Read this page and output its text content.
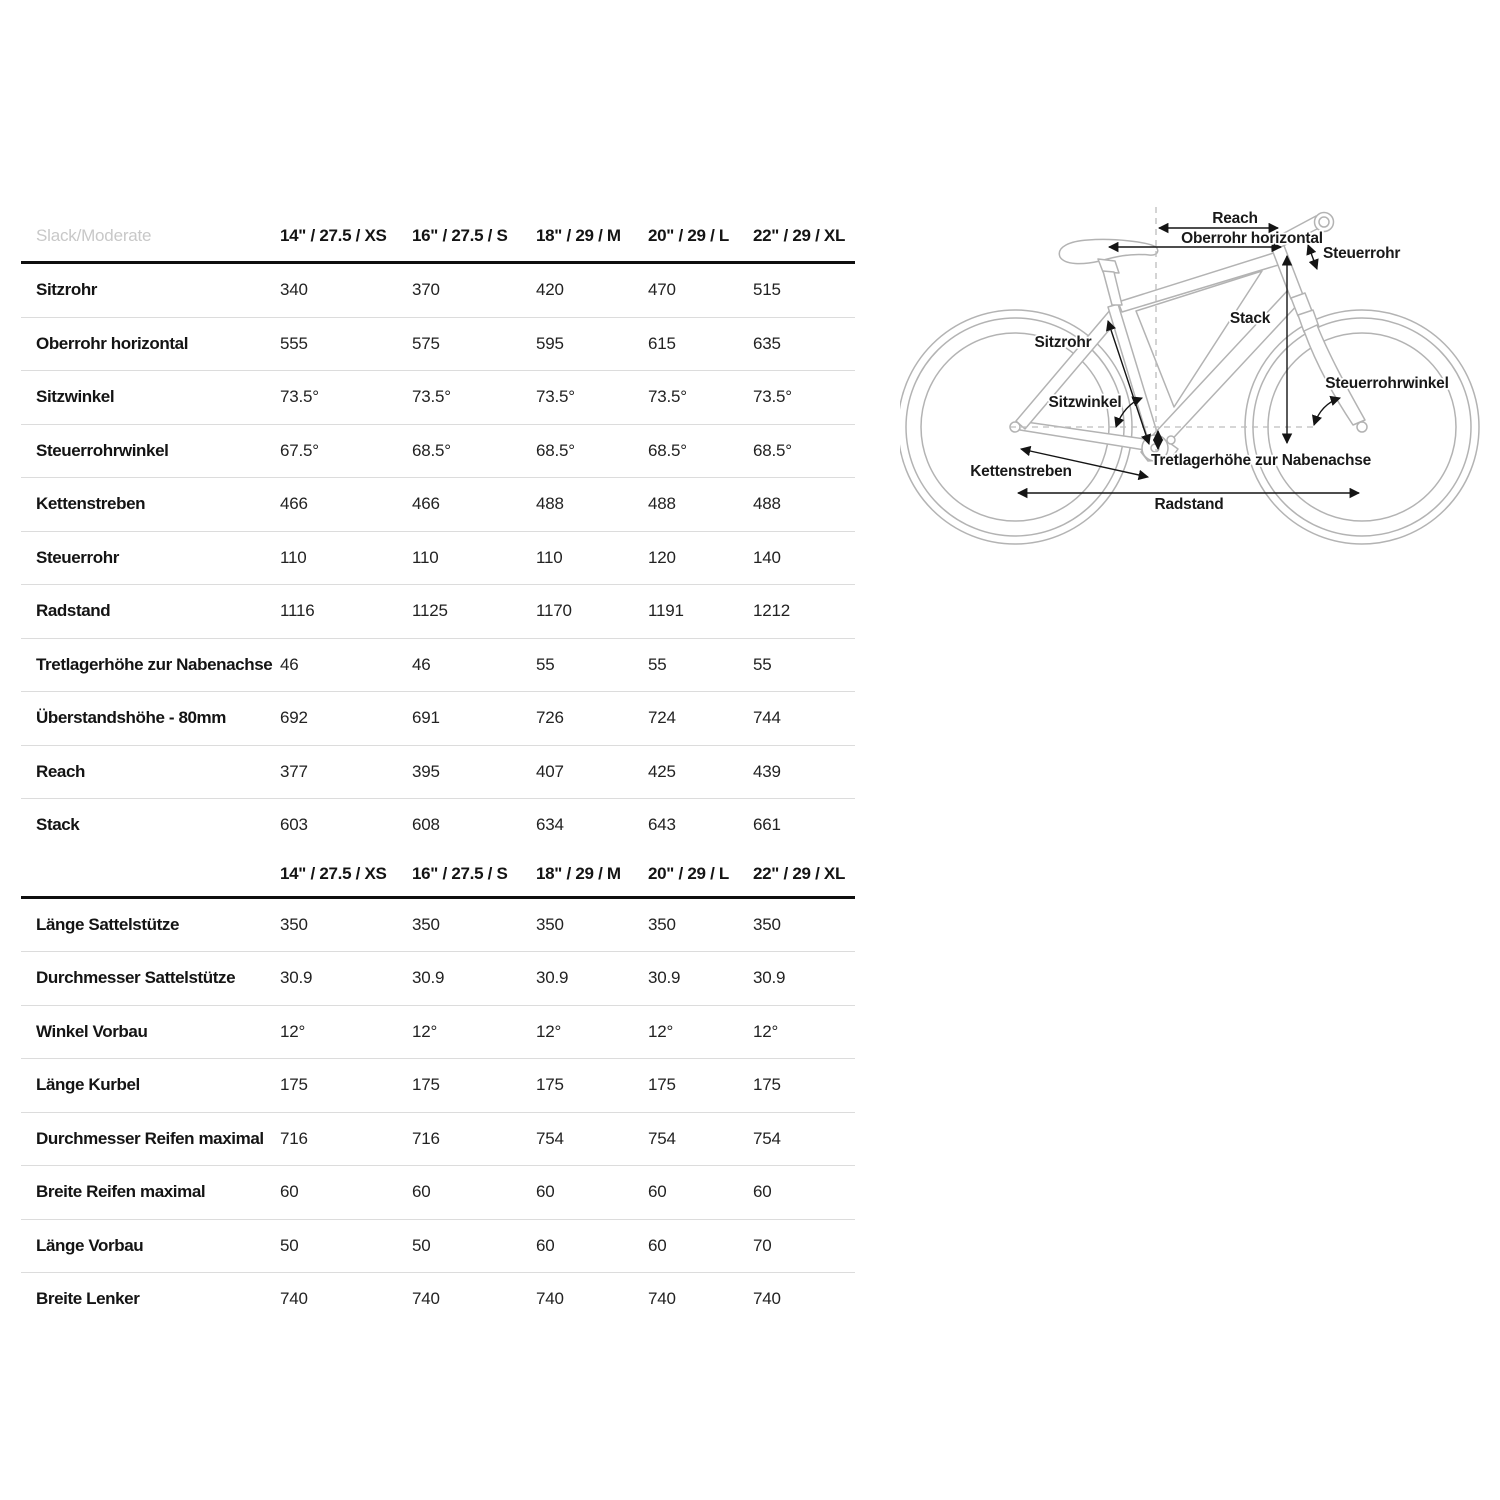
Slack/Moderate	14" / 27.5 / XS	16" / 27.5 / S	18" / 29 / M	20" / 29 / L	22" / 29 / XL
Sitzrohr	340	370	420	470	515
Oberrohr horizontal	555	575	595	615	635
Sitzwinkel	73.5°	73.5°	73.5°	73.5°	73.5°
Steuerrohrwinkel	67.5°	68.5°	68.5°	68.5°	68.5°
Kettenstreben	466	466	488	488	488
Steuerrohr	110	110	110	120	140
Radstand	1116	1125	1170	1191	1212
Tretlagerhöhe zur Nabenachse 46	46	55	55	55
Überstandshöhe - 80mm	692	691	726	724	744
Reach	377	395	407	425	439
Stack	603	608	634	643	661
14" / 27.5 / XS	16" / 27.5 / S	18" / 29 / M	20" / 29 / L	22" / 29 / XL
Länge Sattelstütze	350	350	350	350	350
Durchmesser Sattelstütze	30.9	30.9	30.9	30.9	30.9
Winkel Vorbau	12°	12°	12°	12°	12°
Länge Kurbel	175	175	175	175	175
Durchmesser Reifen maximal 716	716	754	754	754
Breite Reifen maximal	60	60	60	60	60
Länge Vorbau	50	50	60	60	70
Breite Lenker	740	740	740	740	740
Reach
Oberrohr horizontal
Steuerrohr
Stack
Sitzrohr
Sitzwinkel
Steuerrohrwinkel
Tretlagerhöhe zur Nabenachse
Kettenstreben
Radstand
